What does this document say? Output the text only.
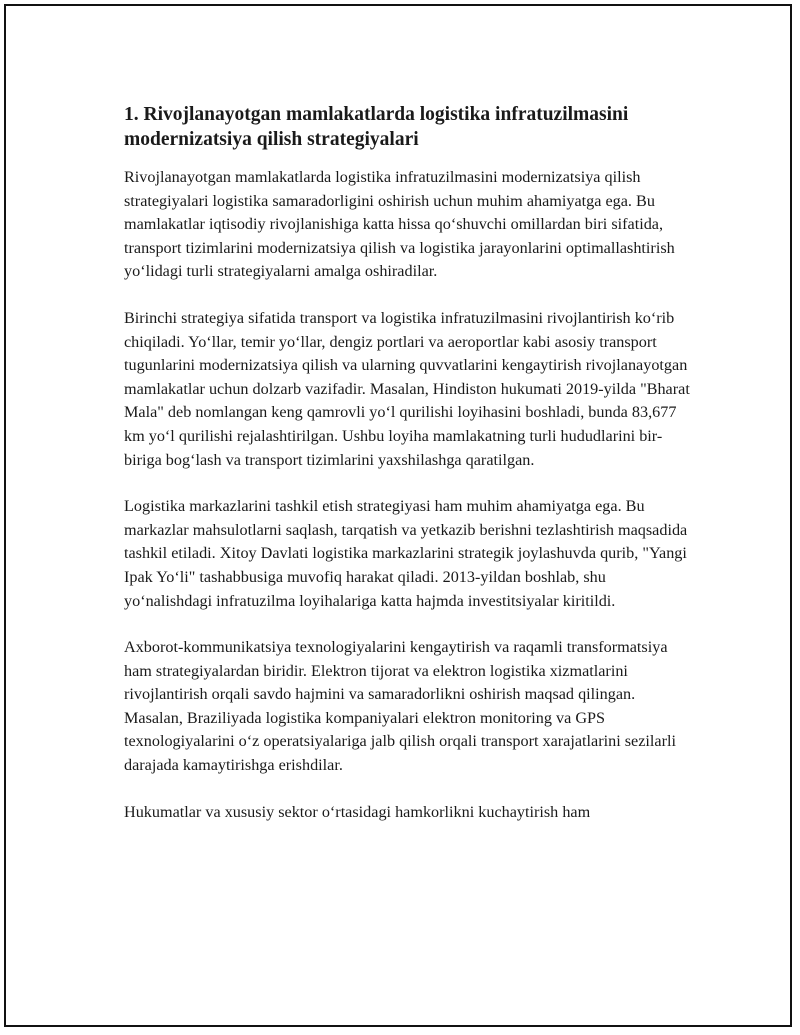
1. Rivojlanayotgan mamlakatlarda logistika infratuzilmasini modernizatsiya qilish strategiyalari

Rivojlanayotgan mamlakatlarda logistika infratuzilmasini modernizatsiya qilish strategiyalari logistika samaradorligini oshirish uchun muhim ahamiyatga ega. Bu mamlakatlar iqtisodiy rivojlanishiga katta hissa qo‘shuvchi omillardan biri sifatida, transport tizimlarini modernizatsiya qilish va logistika jarayonlarini optimallashtirish yo‘lidagi turli strategiyalarni amalga oshiradilar.

Birinchi strategiya sifatida transport va logistika infratuzilmasini rivojlantirish ko‘rib chiqiladi. Yo‘llar, temir yo‘llar, dengiz portlari va aeroportlar kabi asosiy transport tugunlarini modernizatsiya qilish va ularning quvvatlarini kengaytirish rivojlanayotgan mamlakatlar uchun dolzarb vazifadir. Masalan, Hindiston hukumati 2019-yilda "Bharat Mala" deb nomlangan keng qamrovli yo‘l qurilishi loyihasini boshladi, bunda 83,677 km yo‘l qurilishi rejalashtirilgan. Ushbu loyiha mamlakatning turli hududlarini bir-biriga bog‘lash va transport tizimlarini yaxshilashga qaratilgan.

Logistika markazlarini tashkil etish strategiyasi ham muhim ahamiyatga ega. Bu markazlar mahsulotlarni saqlash, tarqatish va yetkazib berishni tezlashtirish maqsadida tashkil etiladi. Xitoy Davlati logistika markazlarini strategik joylashuvda qurib, "Yangi Ipak Yo‘li" tashabbusiga muvofiq harakat qiladi. 2013-yildan boshlab, shu yo‘nalishdagi infratuzilma loyihalariga katta hajmda investitsiyalar kiritildi.

Axborot-kommunikatsiya texnologiyalarini kengaytirish va raqamli transformatsiya ham strategiyalardan biridir. Elektron tijorat va elektron logistika xizmatlarini rivojlantirish orqali savdo hajmini va samaradorlikni oshirish maqsad qilingan. Masalan, Braziliyada logistika kompaniyalari elektron monitoring va GPS texnologiyalarini o‘z operatsiyalariga jalb qilish orqali transport xarajatlarini sezilarli darajada kamaytirishga erishdilar.

Hukumatlar va xususiy sektor o‘rtasidagi hamkorlikni kuchaytirish ham
